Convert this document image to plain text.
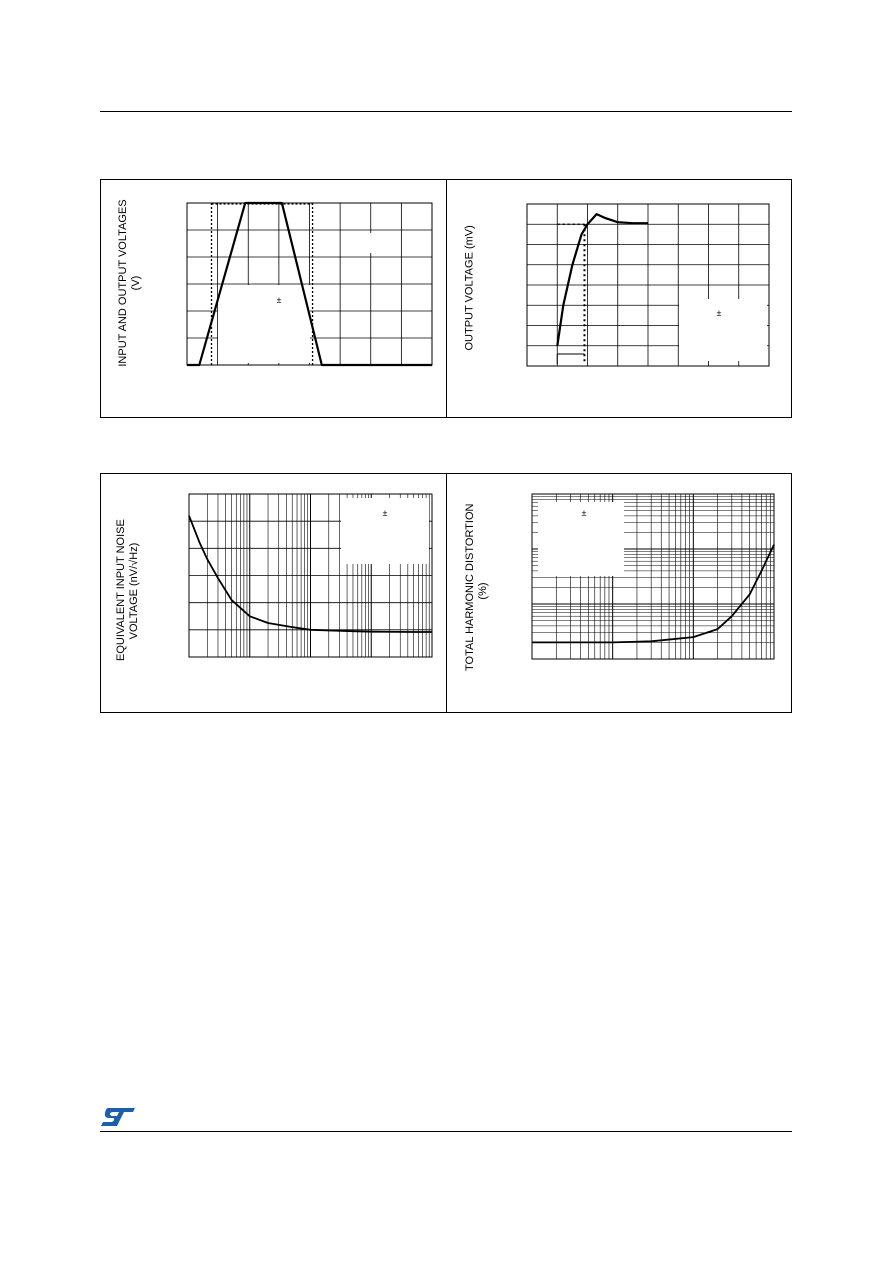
INPUT AND OUTPUT VOLTAGES (V)	OUTPUT VOLTAGE (mV)
EQUIVALENT INPUT NOISE VOLTAGE (nV/√Hz)	TOTAL HARMONIC DISTORTION (%)
±
±
±	±
